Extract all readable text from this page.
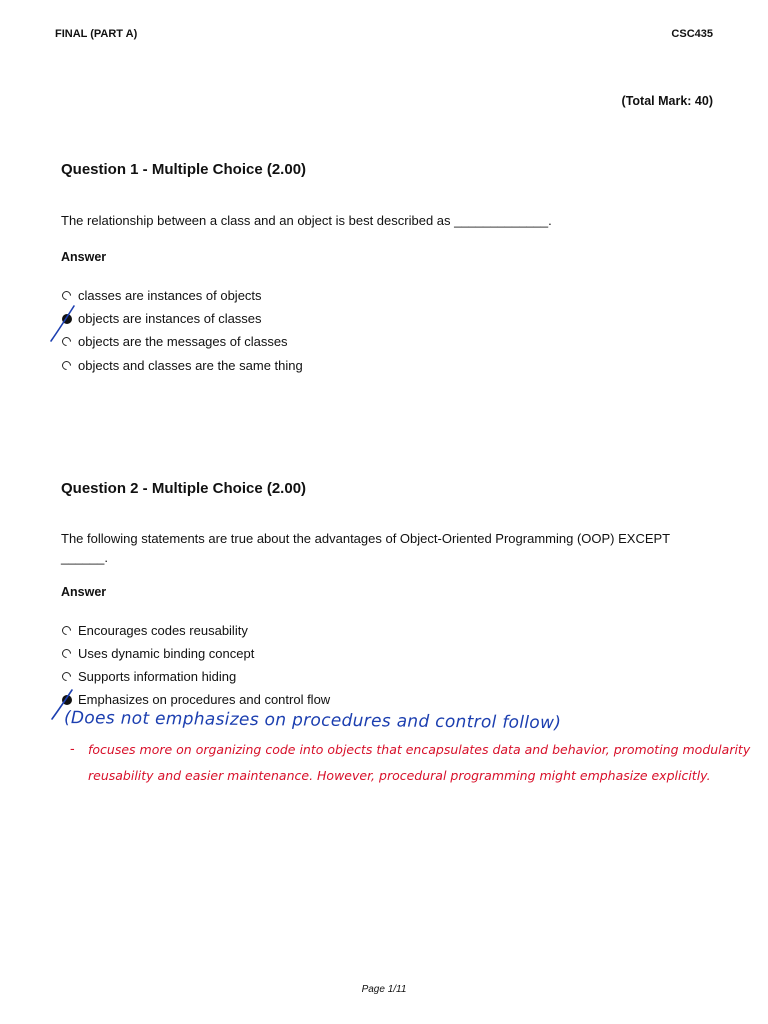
FINAL (PART A)	CSC435
(Total Mark: 40)
Question 1 - Multiple Choice (2.00)
The relationship between a class and an object is best described as _____________.
Answer
classes are instances of objects
objects are instances of classes
objects are the messages of classes
objects and classes are the same thing
Question 2 - Multiple Choice (2.00)
The following statements are true about the advantages of Object-Oriented Programming (OOP) EXCEPT ______.
Answer
Encourages codes reusability
Uses dynamic binding concept
Supports information hiding
Emphasizes on procedures and control flow
(Does not emphasizes on procedures and control follow)
- focuses more on organizing code into objects that encapsulates data and behavior, promoting modularity
reusability and easier maintenance. However, procedural programming might emphasize explicitly.
Page 1/11
